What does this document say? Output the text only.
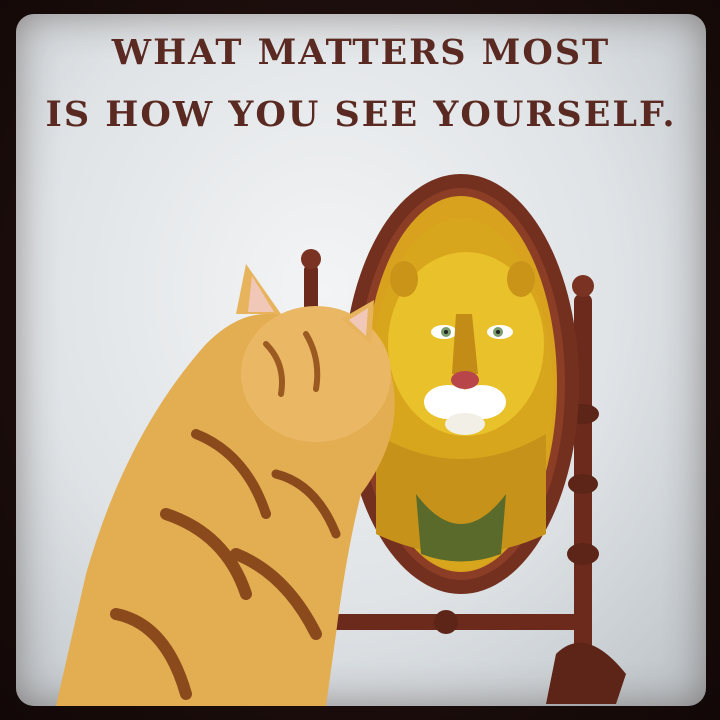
WHAT MATTERS MOST
IS HOW YOU SEE YOURSELF.
